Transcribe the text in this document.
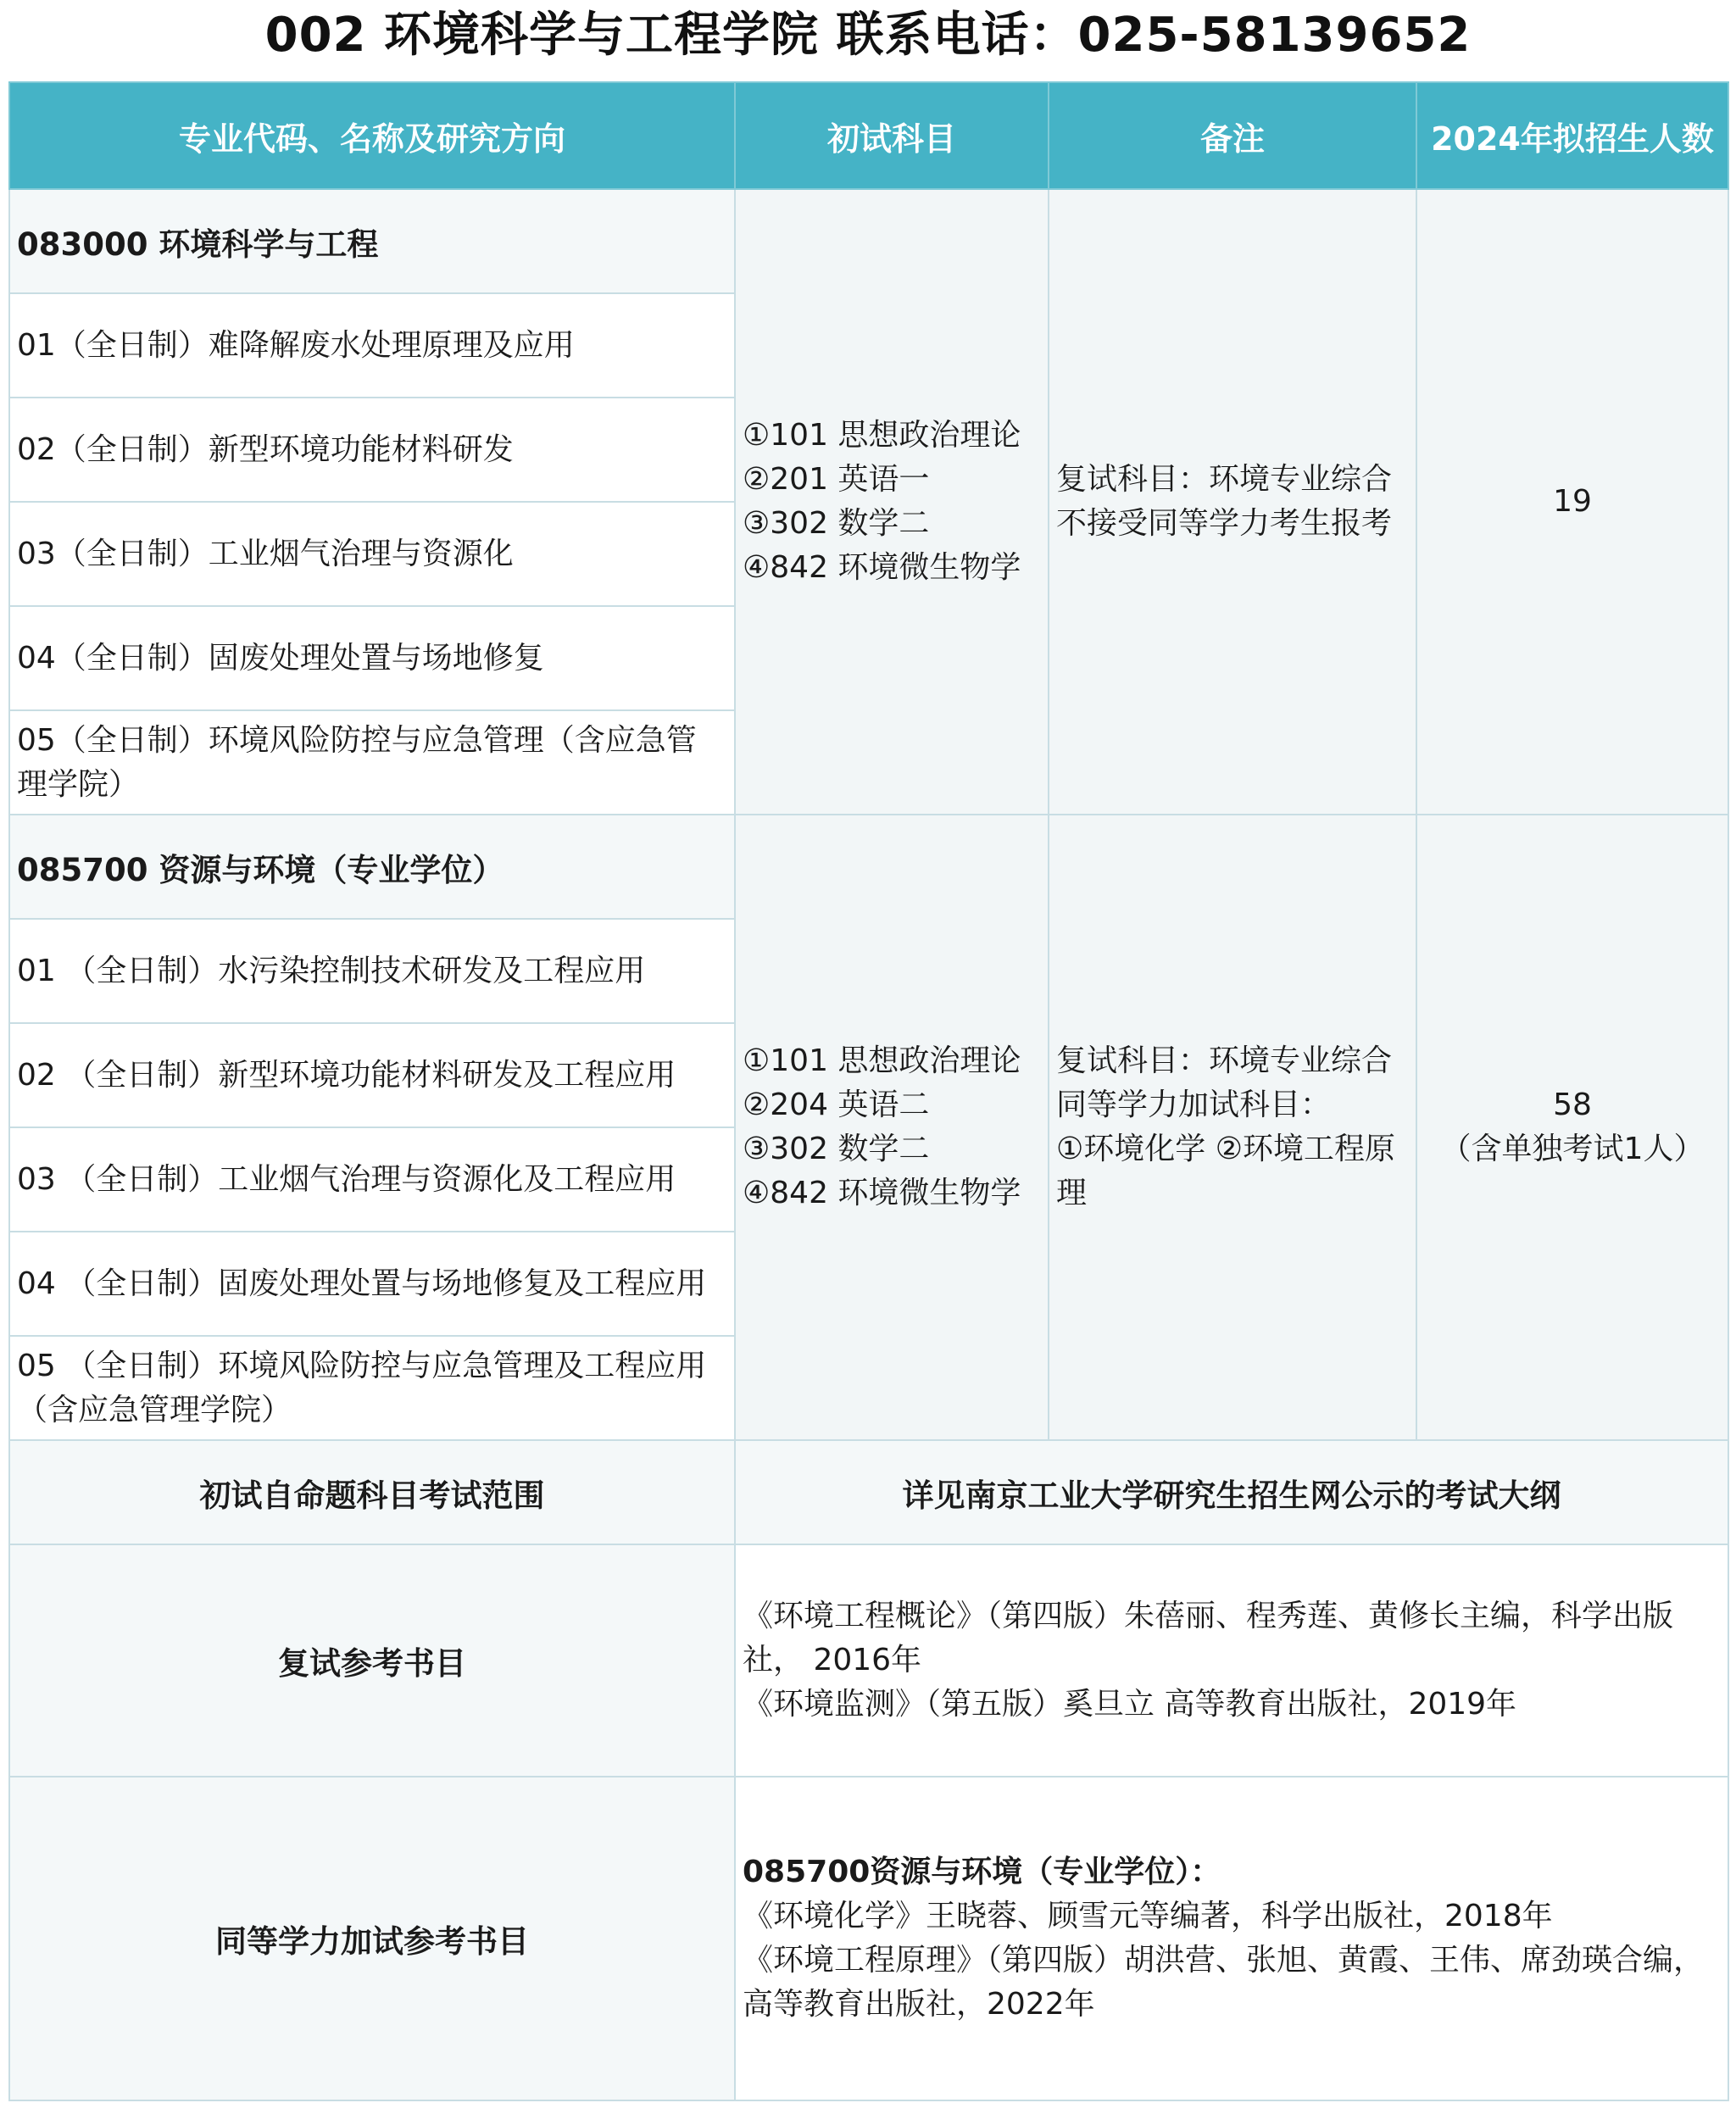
002 环境科学与工程学院 联系电话：025-58139652
专业代码、名称及研究方向	初试科目	备注	2024年拟招生人数
083000 环境科学与工程	①101 思想政治理论
②201 英语一
③302 数学二
④842 环境微生物学	复试科目：环境专业综合
不接受同等学力考生报考	19

01（全日制）难降解废水处理原理及应用			
02（全日制）新型环境功能材料研发			
03（全日制）工业烟气治理与资源化			
04（全日制）固废处理处置与场地修复			
05（全日制）环境风险防控与应急管理（含应急管理学院）			
085700 资源与环境（专业学位）	①101 思想政治理论
②204 英语二
③302 数学二
④842 环境微生物学	复试科目：环境专业综合
同等学力加试科目：
①环境化学 ②环境工程原理	58
（含单独考试1人）

01 （全日制）水污染控制技术研发及工程应用			
02 （全日制）新型环境功能材料研发及工程应用			
03 （全日制）工业烟气治理与资源化及工程应用			
04 （全日制）固废处理处置与场地修复及工程应用			
05 （全日制）环境风险防控与应急管理及工程应用（含应急管理学院）			
初试自命题科目考试范围	详见南京工业大学研究生招生网公示的考试大纲		
复试参考书目	《环境工程概论》（第四版）朱蓓丽、程秀莲、黄修长主编，科学出版社， 2016年
《环境监测》（第五版）奚旦立 高等教育出版社，2019年		

同等学力加试参考书目	085700资源与环境（专业学位）：
《环境化学》王晓蓉、顾雪元等编著，科学出版社，2018年
《环境工程原理》（第四版）胡洪营、张旭、黄霞、王伟、席劲瑛合编，高等教育出版社，2022年		
